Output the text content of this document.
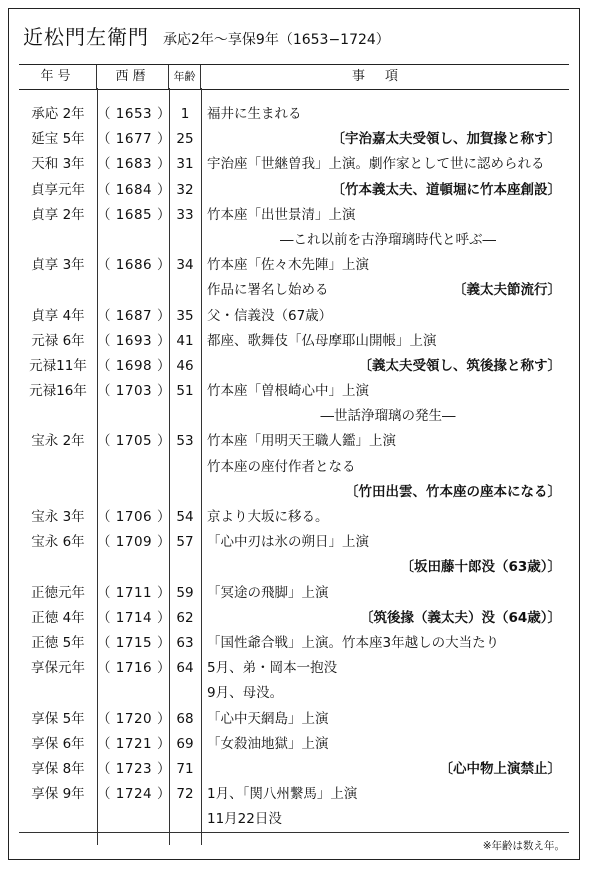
近松門左衛門 承応2年〜享保9年（1653−1724）
年号	西暦	年齢	事項
承応 2年 （ 1653 ） 1	福井に生まれる
延宝 5年 （ 1677 ） 25	〔宇治嘉太夫受領し、加賀掾と称す〕
天和 3年 （ 1683 ） 31 宇治座「世継曽我」上演。劇作家として世に認められる
貞享元年 （ 1684 ） 32	〔竹本義太夫、道頓堀に竹本座創設〕
貞享 2年 （ 1685 ） 33 竹本座「出世景清」上演
―これ以前を古浄瑠璃時代と呼ぶ―
貞享 3年 （ 1686 ） 34 竹本座「佐々木先陣」上演
作品に署名し始める	〔義太夫節流行〕
貞享 4年 （ 1687 ） 35 父・信義没（67歳）
元禄 6年 （ 1693 ） 41 都座、歌舞伎「仏母摩耶山開帳」上演
元禄11年 （ 1698 ） 46	〔義太夫受領し、筑後掾と称す〕
元禄16年 （ 1703 ） 51 竹本座「曽根崎心中」上演
―世話浄瑠璃の発生―
宝永 2年 （ 1705 ） 53 竹本座「用明天王職人鑑」上演
竹本座の座付作者となる
〔竹田出雲、竹本座の座本になる〕
宝永 3年 （ 1706 ） 54 京より大坂に移る。
宝永 6年 （ 1709 ） 57 「心中刃は氷の朔日」上演
〔坂田藤十郎没（63歳）〕
正徳元年 （ 1711 ） 59 「冥途の飛脚」上演
正徳 4年 （ 1714 ） 62	〔筑後掾（義太夫）没（64歳）〕
正徳 5年 （ 1715 ） 63 「国性爺合戦」上演。竹本座3年越しの大当たり
享保元年 （ 1716 ） 64 5月、弟・岡本一抱没
9月、母没。
享保 5年 （ 1720 ） 68 「心中天網島」上演
享保 6年 （ 1721 ） 69 「女殺油地獄」上演
享保 8年 （ 1723 ） 71	〔心中物上演禁止〕
享保 9年 （ 1724 ） 72 1月、「関八州繋馬」上演
11月22日没
※年齢は数え年。
